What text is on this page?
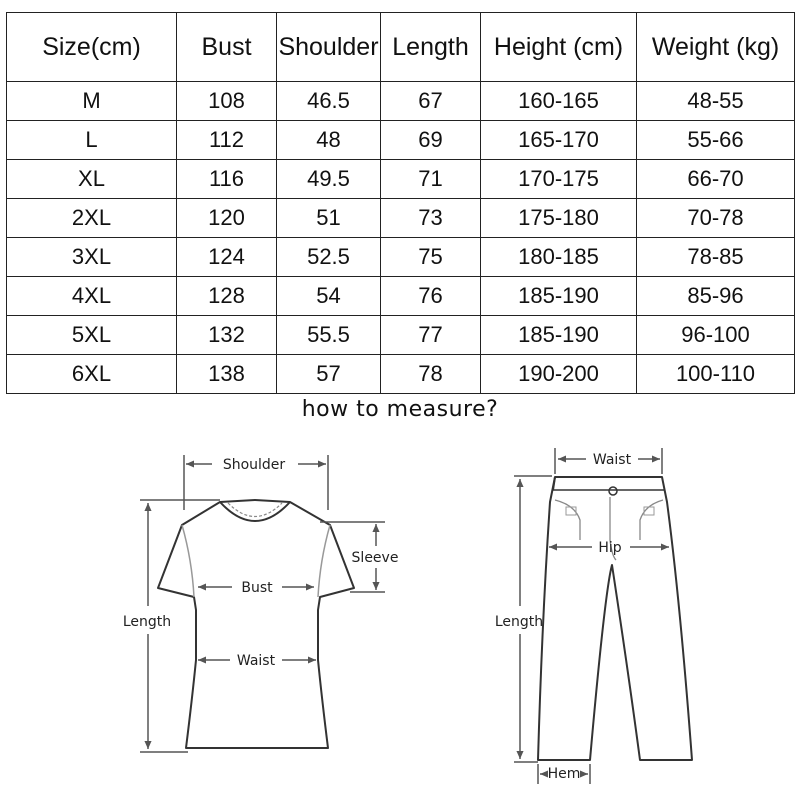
Size(cm)	Bust	Shoulder	Length	Height (cm)	Weight (kg)
M	108	46.5	67	160-165	48-55
L	112	48	69	165-170	55-66
XL	116	49.5	71	170-175	66-70
2XL	120	51	73	175-180	70-78
3XL	124	52.5	75	180-185	78-85
4XL	128	54	76	185-190	85-96
5XL	132	55.5	77	185-190	96-100
6XL	138	57	78	190-200	100-110
how to measure?
Shoulder
Sleeve
Bust
Waist
Length
Waist
Hip
Length
Hem
